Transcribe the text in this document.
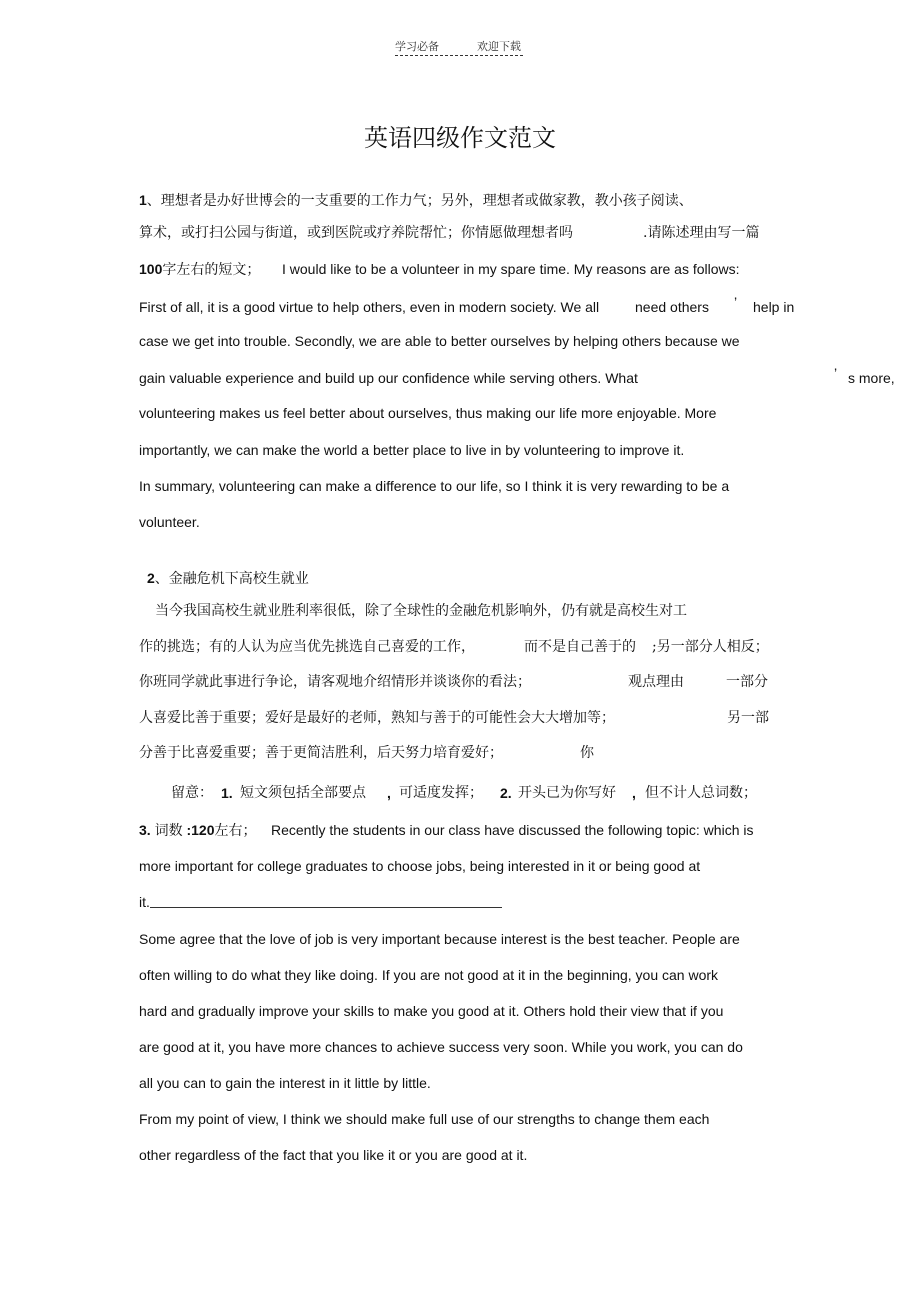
学习必备	欢迎下载
英语四级作文范文
1、理想者是办好世博会的一支重要的工作力气；另外，理想者或做家教，教小孩子阅读、
算术，或打扫公园与街道，或到医院或疗养院帮忙；你情愿做理想者吗	.请陈述理由写一篇
100字左右的短文； I would like to be a volunteer in my spare time. My reasons are as follows:
First of all, it is a good virtue to help others, even in modern society. We all	need others ’ help in
case we get into trouble. Secondly, we are able to better ourselves by helping others because we
gain valuable experience and build up our confidence while serving others. What	’ s more,
volunteering makes us feel better about ourselves, thus making our life more enjoyable. More
importantly, we can make the world a better place to live in by volunteering to improve it.
In summary, volunteering can make a difference to our life, so I think it is very rewarding to be a
volunteer.
2、金融危机下高校生就业
当今我国高校生就业胜利率很低，除了全球性的金融危机影响外，仍有就是高校生对工
作的挑选；有的人认为应当优先挑选自己喜爱的工作，	而不是自己善于的 ;另一部分人相反；
你班同学就此事进行争论，请客观地介绍情形并谈谈你的看法；	观点理由	一部分
人喜爱比善于重要；爱好是最好的老师，熟知与善于的可能性会大大增加等；	另一部
分善于比喜爱重要；善于更简洁胜利，后天努力培育爱好；	你
留意： 1. 短文须包括全部要点 , 可适度发挥； 2. 开头已为你写好 , 但不计人总词数；
3. 词数 :120左右； Recently the students in our class have discussed the following topic: which is
more important for college graduates to choose jobs, being interested in it or being good at
it.
Some agree that the love of job is very important because interest is the best teacher. People are
often willing to do what they like doing. If you are not good at it in the beginning, you can work
hard and gradually improve your skills to make you good at it. Others hold their view that if you
are good at it, you have more chances to achieve success very soon. While you work, you can do
all you can to gain the interest in it little by little.
From my point of view, I think we should make full use of our strengths to change them each
other regardless of the fact that you like it or you are good at it.
